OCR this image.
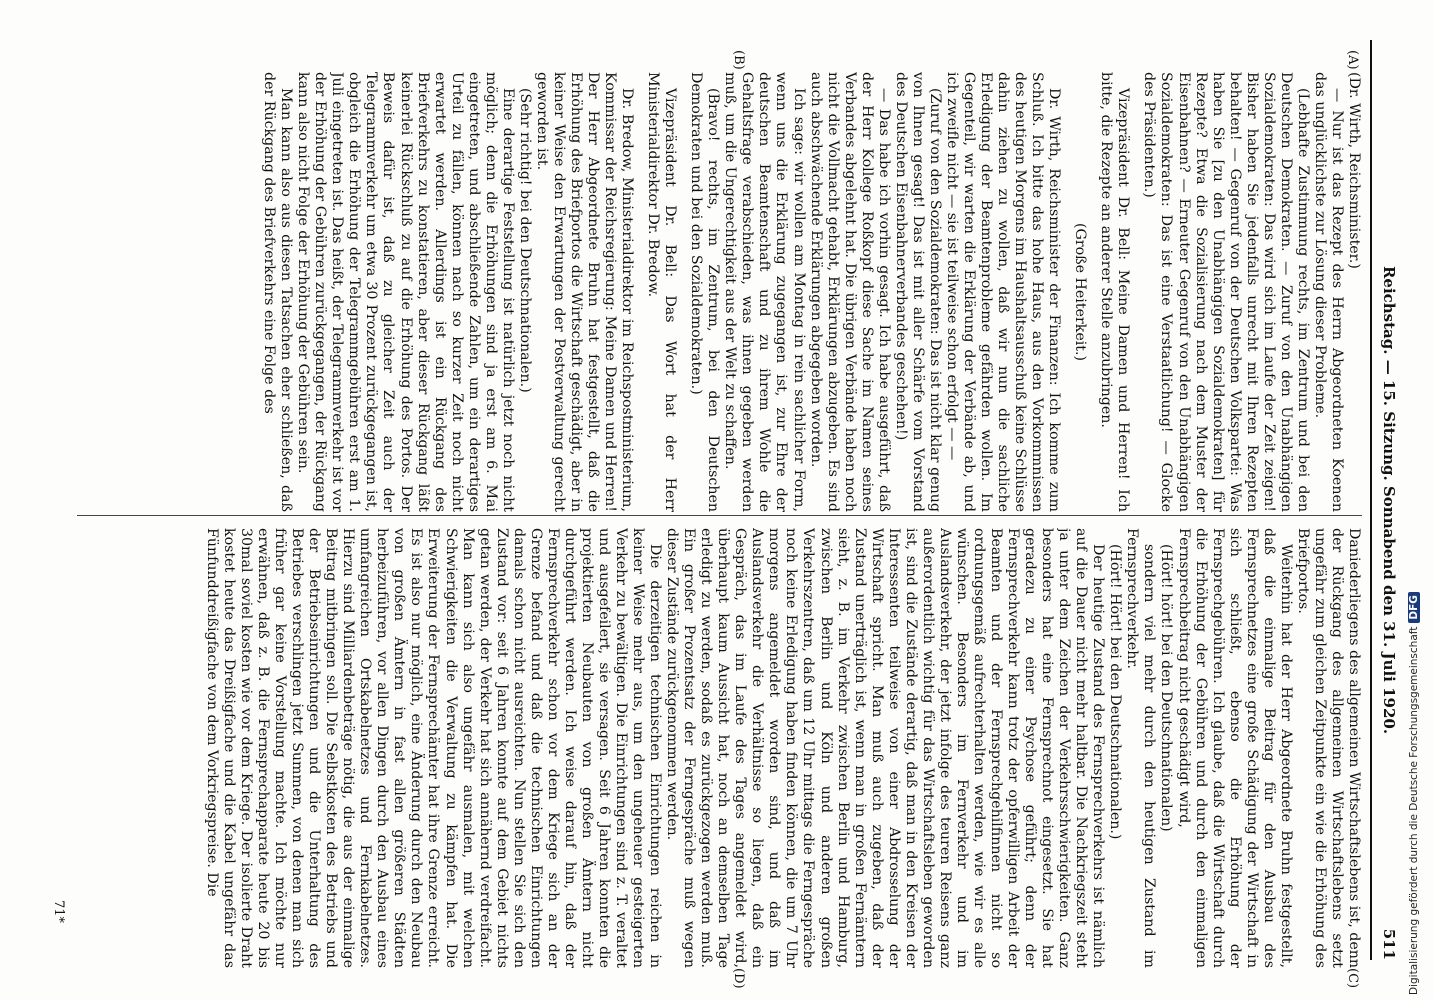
Reichstag. — 15. Sitzung. Sonnabend den 31. Juli 1920.
511
(A)
(B)
(C)
(D)

(Dr. Wirth, Reichsminister.)

— Nur ist das Rezept des Herrn Abgeordneten Koenen das unglücklichste zur Lösung dieser Probleme.

(Lebhafte Zustimmung rechts, im Zentrum und bei den Deutschen Demokraten. — Zuruf von den Unabhängigen Sozialdemokraten: Das wird sich im Laufe der Zeit zeigen! Bisher haben Sie jedenfalls unrecht mit Ihren Rezepten behalten! — Gegenruf von der Deutschen Volkspartei: Was haben Sie [zu den Unabhängigen Sozialdemokraten] für Rezepte? Etwa die Sozialisierung nach dem Muster der Eisenbahnen? — Erneuter Gegenruf von den Unabhängigen Sozialdemokraten: Das ist eine Verstaatlichung! — Glocke des Präsidenten.)

Vizepräsident Dr. Bell: Meine Damen und Herren! Ich bitte, die Rezepte an anderer Stelle anzubringen.

(Große Heiterkeit.)

Dr. Wirth, Reichsminister der Finanzen: Ich komme zum Schluß. Ich bitte das hohe Haus, aus den Vorkommnissen des heutigen Morgens im Haushaltsausschuß keine Schlüsse dahin ziehen zu wollen, daß wir nun die sachliche Erledigung der Beamtenprobleme gefährden wollen. Im Gegenteil, wir warten die Erklärung der Verbände ab, und ich zweifle nicht — sie ist teilweise schon erfolgt — —

(Zuruf von den Sozialdemokraten: Das ist nicht klar genug von Ihnen gesagt! Das ist mit aller Schärfe vom Vorstand des Deutschen Eisenbahnerverbandes geschehen!)

— Das habe ich vorhin gesagt. Ich habe ausgeführt, daß der Herr Kollege Roßkopf diese Sache im Namen seines Verbandes abgelehnt hat. Die übrigen Verbände haben noch nicht die Vollmacht gehabt, Erklärungen abzugeben. Es sind auch abschwächende Erklärungen abgegeben worden.

Ich sage: wir wollen am Montag in rein sachlicher Form, wenn uns die Erklärung zugegangen ist, zur Ehre der deutschen Beamtenschaft und zu ihrem Wohle die Gehaltsfrage verabschieden, was ihnen gegeben werden muß, um die Ungerechtigkeit aus der Welt zu schaffen.

(Bravo! rechts, im Zentrum, bei den Deutschen Demokraten und bei den Sozialdemokraten.)

Vizepräsident Dr. Bell: Das Wort hat der Herr Ministerialdirektor Dr. Bredow.

Dr. Bredow, Ministerialdirektor im Reichspostministerium, Kommissar der Reichsregierung: Meine Damen und Herren! Der Herr Abgeordnete Bruhn hat festgestellt, daß die Erhöhung des Briefportos die Wirtschaft geschädigt, aber in keiner Weise den Erwartungen der Postverwaltung gerecht geworden ist.

(Sehr richtig! bei den Deutschnationalen.)

Eine derartige Feststellung ist natürlich jetzt noch nicht möglich; denn die Erhöhungen sind ja erst am 6. Mai eingetreten, und abschließende Zahlen, um ein derartiges Urteil zu fällen, können nach so kurzer Zeit noch nicht erwartet werden. Allerdings ist ein Rückgang des Briefverkehrs zu konstatieren, aber dieser Rückgang läßt keinerlei Rückschluß zu auf die Erhöhung des Portos. Der Beweis dafür ist, daß zu gleicher Zeit auch der Telegrammverkehr um etwa 30 Prozent zurückgegangen ist, obgleich die Erhöhung der Telegrammgebühren erst am 1. Juli eingetreten ist. Das heißt, der Telegrammverkehr ist vor der Erhöhung der Gebühren zurückgegangen, der Rückgang kann also nicht Folge der Erhöhung der Gebühren sein.

Man kann also aus diesen Tatsachen eher schließen, daß der Rückgang des Briefverkehrs eine Folge des

Daniederliegens des allgemeinen Wirtschaftslebens ist, denn der Rückgang des allgemeinen Wirtschaftslebens setzt ungefähr zum gleichen Zeitpunkte ein wie die Erhöhung des Briefportos.

Weiterhin hat der Herr Abgeordnete Bruhn festgestellt, daß die einmalige Beitrag für den Ausbau des Fernsprechnetzes eine große Schädigung der Wirtschaft in sich schließt, ebenso die Erhöhung der Fernsprechgebühren. Ich glaube, daß die Wirtschaft durch die Erhöhung der Gebühren und durch den einmaligen Fernsprechbeitrag nicht geschädigt wird,

(Hört! hört! bei den Deutschnationalen)

sondern viel mehr durch den heutigen Zustand im Fernsprechverkehr.

(Hört! Hört! bei den Deutschnationalen.)

Der heutige Zustand des Fernsprechverkehrs ist nämlich auf die Dauer nicht mehr haltbar. Die Nachkriegszeit steht ja unter dem Zeichen der Verkehrsschwierigkeiten. Ganz besonders hat eine Fernsprechnot eingesetzt. Sie hat geradezu zu einer Psychose geführt; denn der Fernsprechverkehr kann trotz der opferwilligen Arbeit der Beamten und der Fernsprechgehilfinnen nicht so ordnungsgemäß aufrechterhalten werden, wie wir es alle wünschen. Besonders im Fernverkehr und im Auslandsverkehr, der jetzt infolge des teuren Reisens ganz außerordentlich wichtig für das Wirtschaftsleben geworden ist, sind die Zustände derartig, daß man in den Kreisen der Interessenten teilweise von einer Abdrosselung der Wirtschaft spricht. Man muß auch zugeben, daß der Zustand unerträglich ist, wenn man in großen Fernämtern sieht, z. B. im Verkehr zwischen Berlin und Hamburg, zwischen Berlin und Köln und anderen großen Verkehrszentren, daß um 12 Uhr mittags die Ferngespräche noch keine Erledigung haben finden können, die um 7 Uhr morgens angemeldet worden sind, und daß im Auslandsverkehr die Verhältnisse so liegen, daß ein Gespräch, das im Laufe des Tages angemeldet wird, überhaupt kaum Aussicht hat, noch an demselben Tage erledigt zu werden, sodaß es zurückgezogen werden muß. Ein großer Prozentsatz der Ferngespräche muß wegen dieser Zustände zurückgenommen werden.

Die derzeitigen technischen Einrichtungen reichen in keiner Weise mehr aus, um den ungeheuer gesteigerten Verkehr zu bewältigen. Die Einrichtungen sind z. T. veraltet und ausgefeilert, sie versagen. Seit 6 Jahren konnten die projektierten Neubauten von großen Ämtern nicht durchgeführt werden. Ich weise darauf hin, daß der Fernsprechverkehr schon vor dem Kriege sich an der Grenze befand und daß die technischen Einrichtungen damals schon nicht ausreichten. Nun stellen Sie sich den Zustand vor: seit 6 Jahren konnte auf dem Gebiet nichts getan werden, der Verkehr hat sich annähernd verdreifacht. Man kann sich also ungefähr ausmalen, mit welchen Schwierigkeiten die Verwaltung zu kämpfen hat. Die Erweiterung der Fernsprechämter hat ihre Grenze erreicht. Es ist also nur möglich, eine Änderung durch den Neubau von großen Ämtern in fast allen größeren Städten herbeizuführen, vor allen Dingen durch den Ausbau eines umfangreichen Ortskabelnetzes und Fernkabelnetzes. Hierzu sind Milliardenbeträge nötig, die aus der einmalige Beitrag mitbringen soll. Die Selbstkosten des Betriebs und der Betriebseinrichtungen und die Unterhaltung des Betriebes verschlingen jetzt Summen, von denen man sich früher gar keine Vorstellung machte. Ich möchte nur erwähnen, daß z. B. die Fernsprechapparate heute 20 bis 30mal soviel kosten wie vor dem Kriege. Der isolierte Draht kostet heute das Dreißigfache und die Kabel ungefähr das Fünfunddreißigfache von dem Vorkriegspreise. Die

71*	Digitalisierung gefördert durch die Deutsche ForschungsgemeinschaftDFG
